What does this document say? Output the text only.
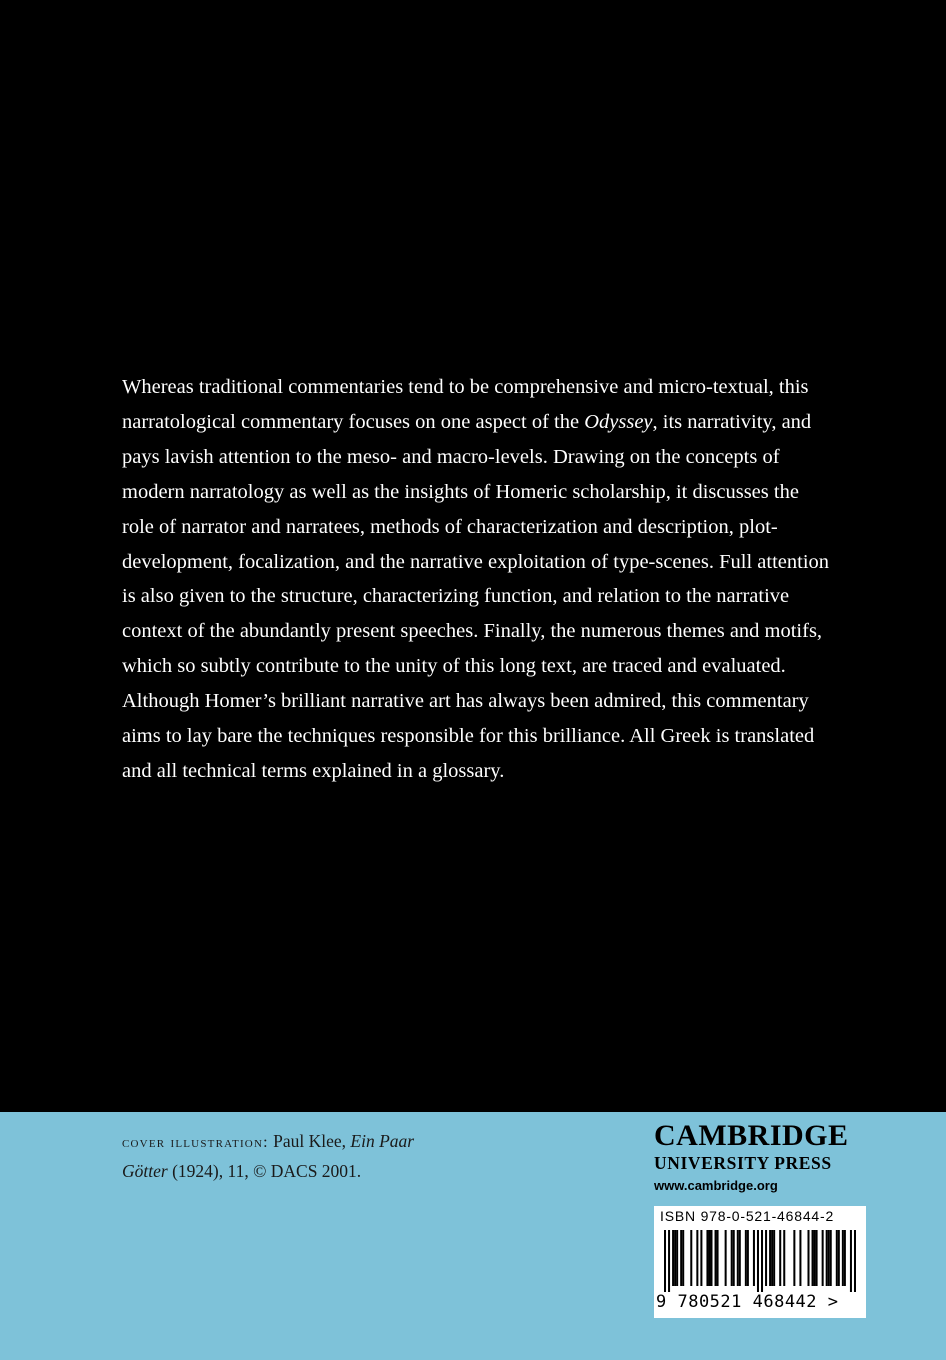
Whereas traditional commentaries tend to be comprehensive and micro-textual, this narratological commentary focuses on one aspect of the Odyssey, its narrativity, and pays lavish attention to the meso- and macro-levels. Drawing on the concepts of modern narratology as well as the insights of Homeric scholarship, it discusses the role of narrator and narratees, methods of characterization and description, plot-development, focalization, and the narrative exploitation of type-scenes. Full attention is also given to the structure, characterizing function, and relation to the narrative context of the abundantly present speeches. Finally, the numerous themes and motifs, which so subtly contribute to the unity of this long text, are traced and evaluated. Although Homer’s brilliant narrative art has always been admired, this commentary aims to lay bare the techniques responsible for this brilliance. All Greek is translated and all technical terms explained in a glossary.

cover illustration: Paul Klee, Ein Paar Götter (1924), 11, © DACS 2001.
CAMBRIDGE
UNIVERSITY PRESS
www.cambridge.org
ISBN 978-0-521-46844-2
9 780521 468442 >
